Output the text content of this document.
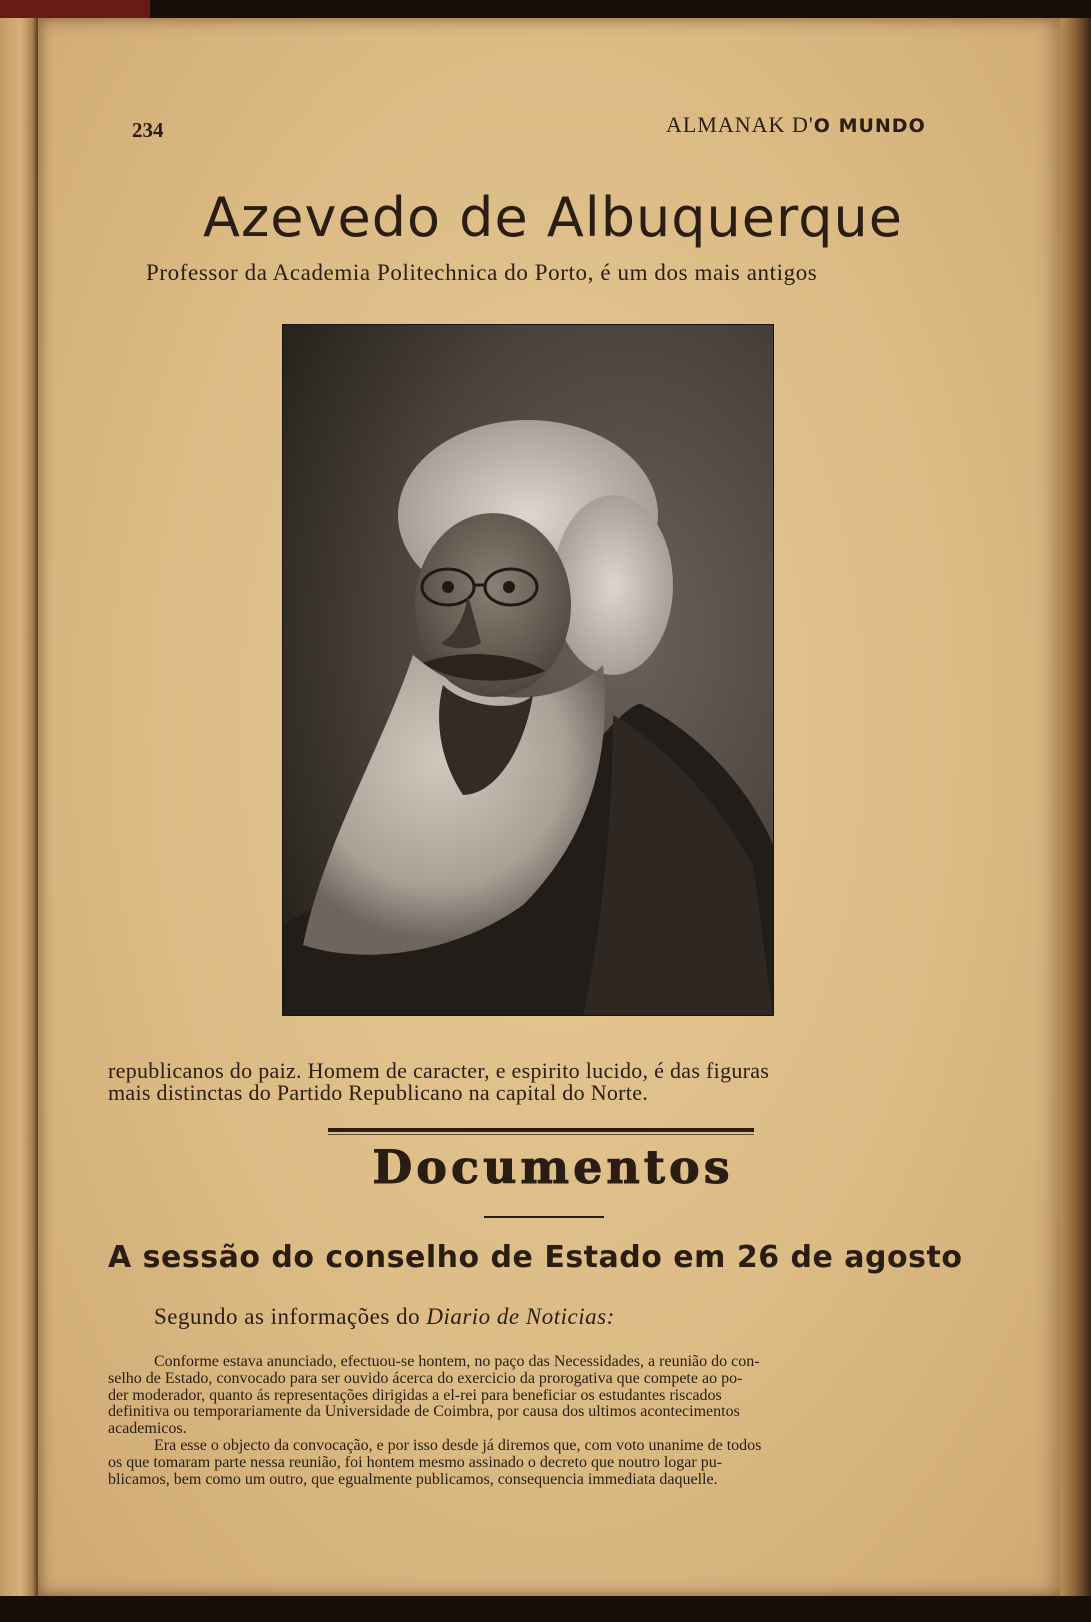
234	ALMANAK D'O MUNDO
Azevedo de Albuquerque
Professor da Academia Politechnica do Porto, é um dos mais antigos
republicanos do paiz. Homem de caracter, e espirito lucido, é das figuras
mais distinctas do Partido Republicano na capital do Norte.
Documentos
A sessão do conselho de Estado em 26 de agosto
Segundo as informações do Diario de Noticias:
Conforme estava anunciado, efectuou-se hontem, no paço das Necessidades, a reunião do con-
selho de Estado, convocado para ser ouvido ácerca do exercicio da prorogativa que compete ao po-
der moderador, quanto ás representações dirigidas a el-rei para beneficiar os estudantes riscados
definitiva ou temporariamente da Universidade de Coimbra, por causa dos ultimos acontecimentos
academicos.
Era esse o objecto da convocação, e por isso desde já diremos que, com voto unanime de todos
os que tomaram parte nessa reunião, foi hontem mesmo assinado o decreto que noutro logar pu-
blicamos, bem como um outro, que egualmente publicamos, consequencia immediata daquelle.
